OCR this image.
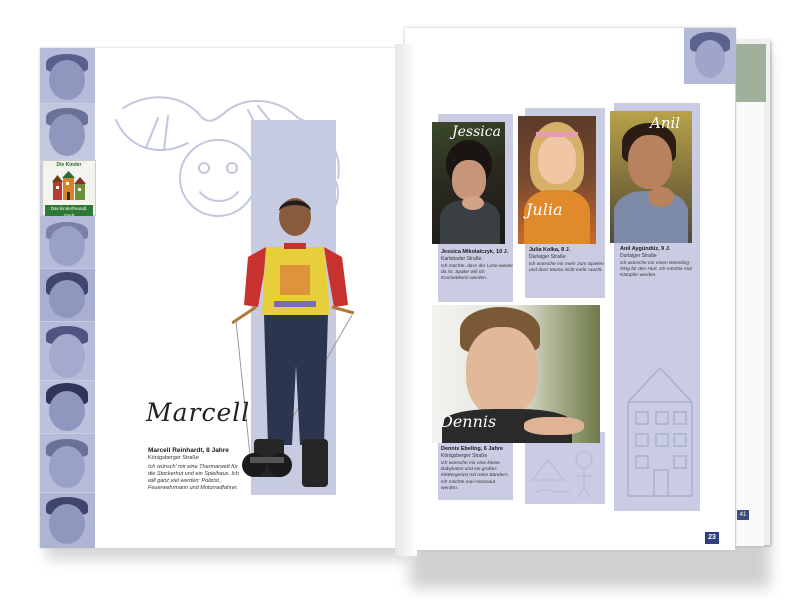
41
Die Kinder
Das kinderfreundl.
Marcell
Marcell Reinhardt, 8 Jahre
Königsberger Straße
Ich wünsch' mir eine Thermarwelt für die Stockerhut und ein Spielhaus. Ich will ganz viel werden: Polizist, Feuerwehrmann und Motorradfahrer.
Jessica
Jessica Mikolaiczyk, 10 J.
Karlsbader Straße
Ich möchte, dass der Lohe wieder da ist. Später will ich Kosmetikerin werden.
Julia
Julia Kolka, 8 J.
Durlaiger Straße
Ich wünsche mir mehr zum Spielen und dass Mama nicht mehr raucht.
Anil
Anil Aygündüz, 9 J.
Durlaiger Straße
Ich wünsche mir einen Wrestling-Ring für den Hort. Ich möchte mal Kämpfer werden.
Dennis
Dennis Ebeling, 6 Jahre
Königsberger Straße
Ich wünsche mir eine kleine Babykatze und ein großes Klettergerüst mit roten Bändern. Ich möchte mal Astronaut werden.
23
